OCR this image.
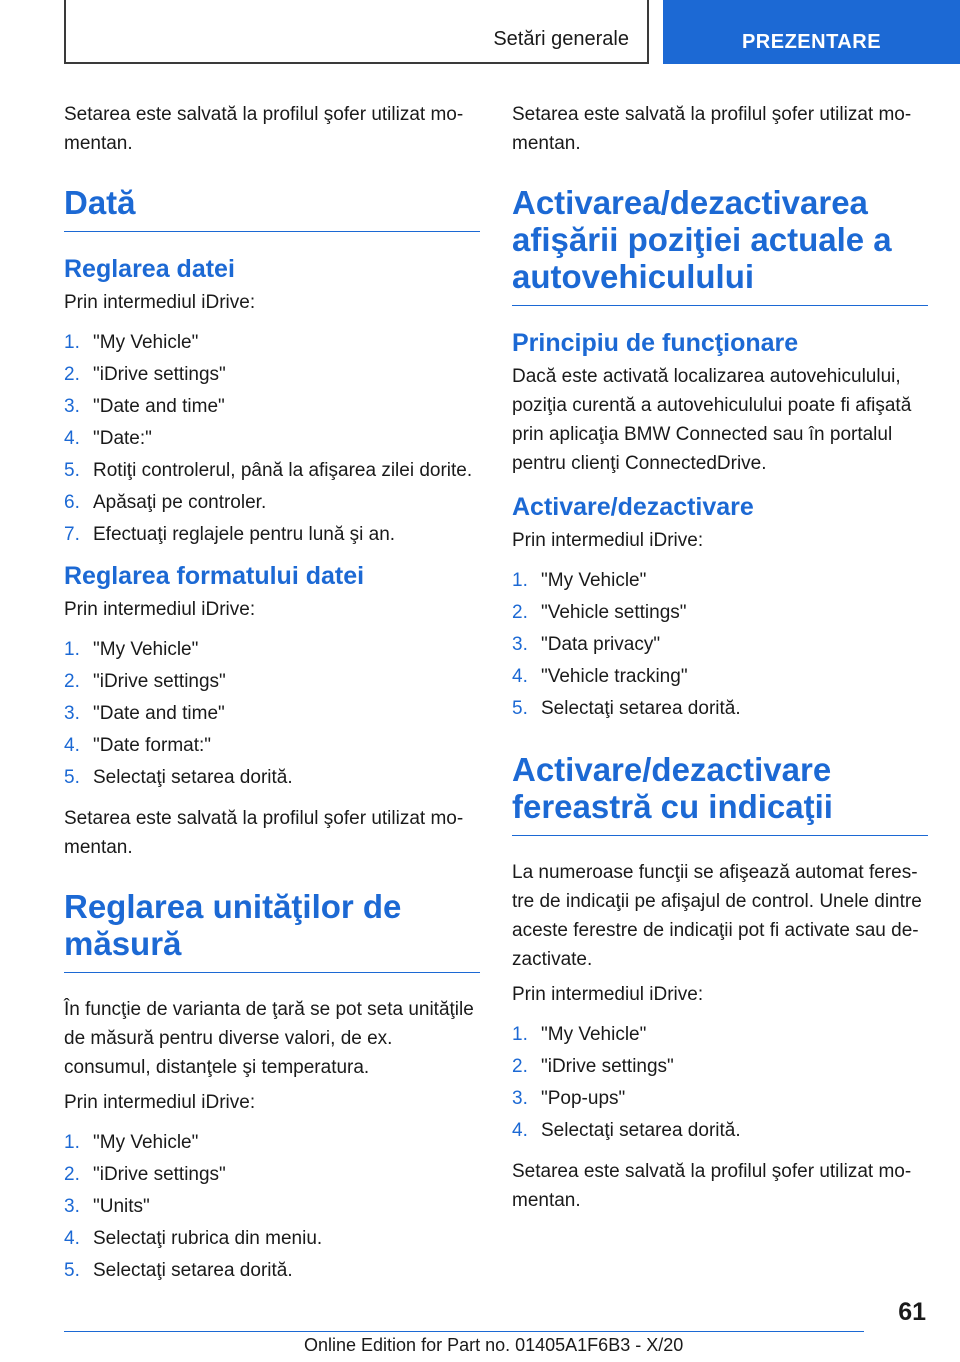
Setări generale	PREZENTARE

Setarea este salvată la profilul şofer utilizat mo-mentan.

Dată
Reglarea datei

Prin intermediul iDrive:

1. "My Vehicle"
2. "iDrive settings"
3. "Date and time"
4. "Date:"
5. Rotiţi controlerul, până la afişarea zilei dorite.
6. Apăsaţi pe controler.
7. Efectuaţi reglajele pentru lună şi an.
Reglarea formatului datei

Prin intermediul iDrive:

1. "My Vehicle"
2. "iDrive settings"
3. "Date and time"
4. "Date format:"
5. Selectaţi setarea dorită.

Setarea este salvată la profilul şofer utilizat mo-
mentan.

Reglarea unităţilor de
măsură

În funcţie de varianta de ţară se pot seta unităţile de măsură pentru diverse valori, de ex. consumul, distanţele şi temperatura.

Prin intermediul iDrive:

1. "My Vehicle"
2. "iDrive settings"
3. "Units"
4. Selectaţi rubrica din meniu.
5. Selectaţi setarea dorită.

Setarea este salvată la profilul şofer utilizat mo-
mentan.

Activarea/dezactivarea
afişării poziţiei actuale a
autovehiculului
Principiu de funcţionare

Dacă este activată localizarea autovehiculului, poziţia curentă a autovehiculului poate fi afişată prin aplicaţia BMW Connected sau în portalul pentru clienţi ConnectedDrive.

Activare/dezactivare

Prin intermediul iDrive:

1. "My Vehicle"
2. "Vehicle settings"
3. "Data privacy"
4. "Vehicle tracking"
5. Selectaţi setarea dorită.
Activare/dezactivare
fereastră cu indicaţii

La numeroase funcţii se afişează automat feres-
tre de indicaţii pe afişajul de control. Unele dintre
aceste ferestre de indicaţii pot fi activate sau de-
zactivate.

Prin intermediul iDrive:

1. "My Vehicle"
2. "iDrive settings"
3. "Pop-ups"
4. Selectaţi setarea dorită.

Setarea este salvată la profilul şofer utilizat mo-
mentan.

61
Online Edition for Part no. 01405A1F6B3 - X/20
